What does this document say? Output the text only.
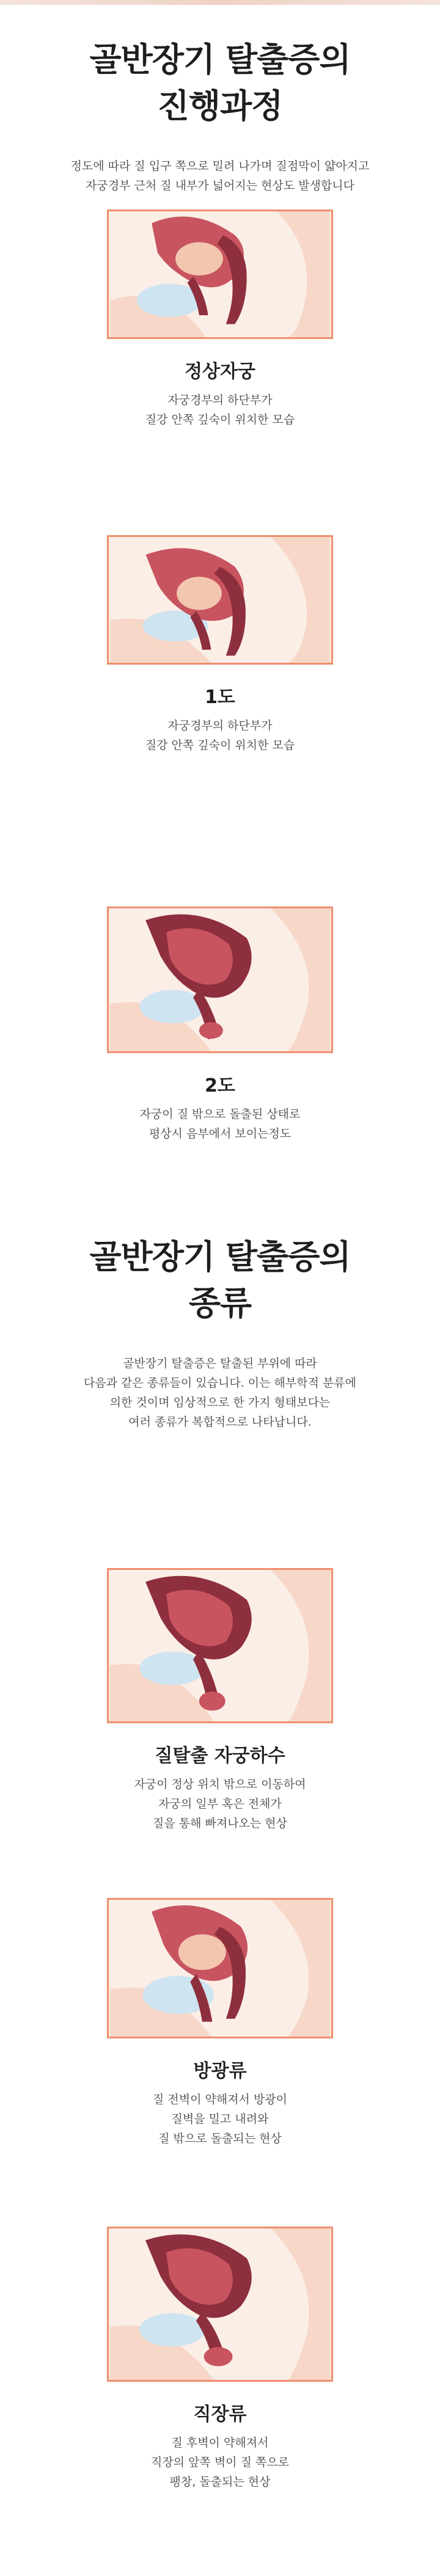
골반장기 탈출증의
진행과정

정도에 따라 질 입구 쪽으로 밀려 나가며 질점막이 얇아지고
자궁경부 근처 질 내부가 넓어지는 현상도 발생합니다

정상자궁

자궁경부의 하단부가
질강 안쪽 깊숙이 위치한 모습

1도

자궁경부의 하단부가
질강 안쪽 깊숙이 위치한 모습

2도

자궁이 질 밖으로 돌출된 상태로
평상시 음부에서 보이는정도

골반장기 탈출증의
종류

골반장기 탈출증은 탈출된 부위에 따라
다음과 같은 종류들이 있습니다. 이는 해부학적 분류에
의한 것이며 임상적으로 한 가지 형태보다는
여러 종류가 복합적으로 나타납니다.

질탈출 자궁하수

자궁이 정상 위치 밖으로 이동하여
자궁의 일부 혹은 전체가
질을 통해 빠져나오는 현상

방광류

질 전벽이 약해져서 방광이
질벽을 밀고 내려와
질 밖으로 돌출되는 현상

직장류

질 후벽이 약해져서
직장의 앞쪽 벽이 질 쪽으로
팽창, 돌출되는 현상
